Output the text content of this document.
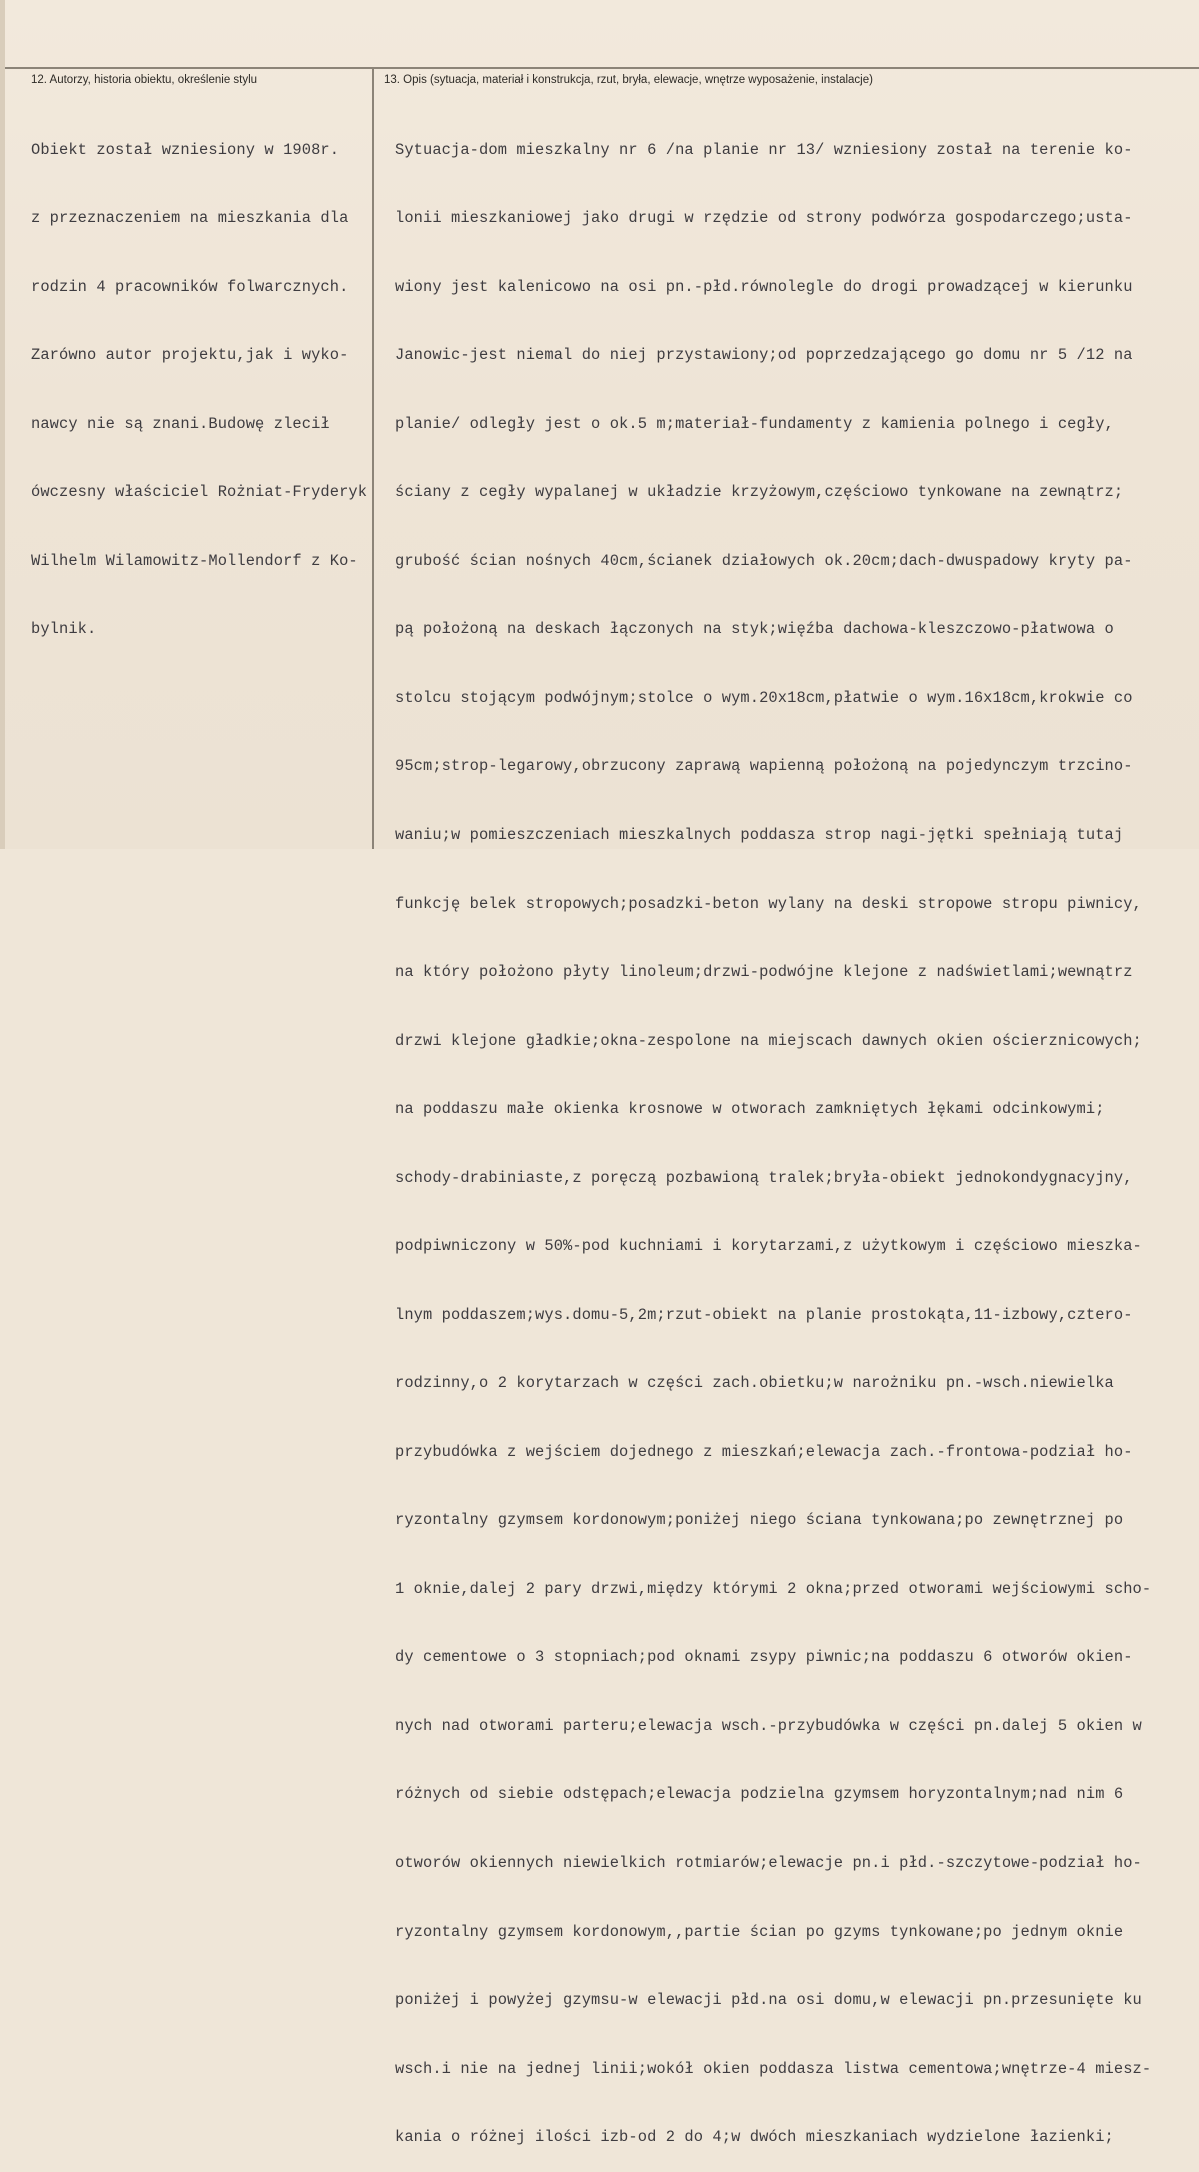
12. Autorzy, historia obiektu, określenie stylu	13. Opis (sytuacja, materiał i konstrukcja, rzut, bryła, elewacje, wnętrze wyposażenie, instalacje)

Obiekt został wzniesiony w 1908r.

z przeznaczeniem na mieszkania dla

rodzin 4 pracowników folwarcznych.

Zarówno autor projektu,jak i wyko-

nawcy nie są znani.Budowę zlecił

ówczesny właściciel Rożniat-Fryderyk

Wilhelm Wilamowitz-Mollendorf z Ko-

bylnik.

Sytuacja-dom mieszkalny nr 6 /na planie nr 13/ wzniesiony został na terenie ko-

lonii mieszkaniowej jako drugi w rzędzie od strony podwórza gospodarczego;usta-

wiony jest kalenicowo na osi pn.-płd.równolegle do drogi prowadzącej w kierunku

Janowic-jest niemal do niej przystawiony;od poprzedzającego go domu nr 5 /12 na

planie/ odległy jest o ok.5 m;materiał-fundamenty z kamienia polnego i cegły,

ściany z cegły wypalanej w układzie krzyżowym,częściowo tynkowane na zewnątrz;

grubość ścian nośnych 40cm,ścianek działowych ok.20cm;dach-dwuspadowy kryty pa-

pą położoną na deskach łączonych na styk;więźba dachowa-kleszczowo-płatwowa o

stolcu stojącym podwójnym;stolce o wym.20x18cm,płatwie o wym.16x18cm,krokwie co

95cm;strop-legarowy,obrzucony zaprawą wapienną położoną na pojedynczym trzcino-

waniu;w pomieszczeniach mieszkalnych poddasza strop nagi-jętki spełniają tutaj

funkcję belek stropowych;posadzki-beton wylany na deski stropowe stropu piwnicy,

na który położono płyty linoleum;drzwi-podwójne klejone z nadświetlami;wewnątrz

drzwi klejone gładkie;okna-zespolone na miejscach dawnych okien ościerznicowych;

na poddaszu małe okienka krosnowe w otworach zamkniętych łękami odcinkowymi;

schody-drabiniaste,z poręczą pozbawioną tralek;bryła-obiekt jednokondygnacyjny,

podpiwniczony w 50%-pod kuchniami i korytarzami,z użytkowym i częściowo mieszka-

lnym poddaszem;wys.domu-5,2m;rzut-obiekt na planie prostokąta,11-izbowy,cztero-

rodzinny,o 2 korytarzach w części zach.obietku;w narożniku pn.-wsch.niewielka

przybudówka z wejściem dojednego z mieszkań;elewacja zach.-frontowa-podział ho-

ryzontalny gzymsem kordonowym;poniżej niego ściana tynkowana;po zewnętrznej po

1 oknie,dalej 2 pary drzwi,między którymi 2 okna;przed otworami wejściowymi scho-

dy cementowe o 3 stopniach;pod oknami zsypy piwnic;na poddaszu 6 otworów okien-

nych nad otworami parteru;elewacja wsch.-przybudówka w części pn.dalej 5 okien w

różnych od siebie odstępach;elewacja podzielna gzymsem horyzontalnym;nad nim 6

otworów okiennych niewielkich rotmiarów;elewacje pn.i płd.-szczytowe-podział ho-

ryzontalny gzymsem kordonowym,,partie ścian po gzyms tynkowane;po jednym oknie

poniżej i powyżej gzymsu-w elewacji płd.na osi domu,w elewacji pn.przesunięte ku

wsch.i nie na jednej linii;wokół okien poddasza listwa cementowa;wnętrze-4 miesz-

kania o różnej ilości izb-od 2 do 4;w dwóch mieszkaniach wydzielone łazienki;
